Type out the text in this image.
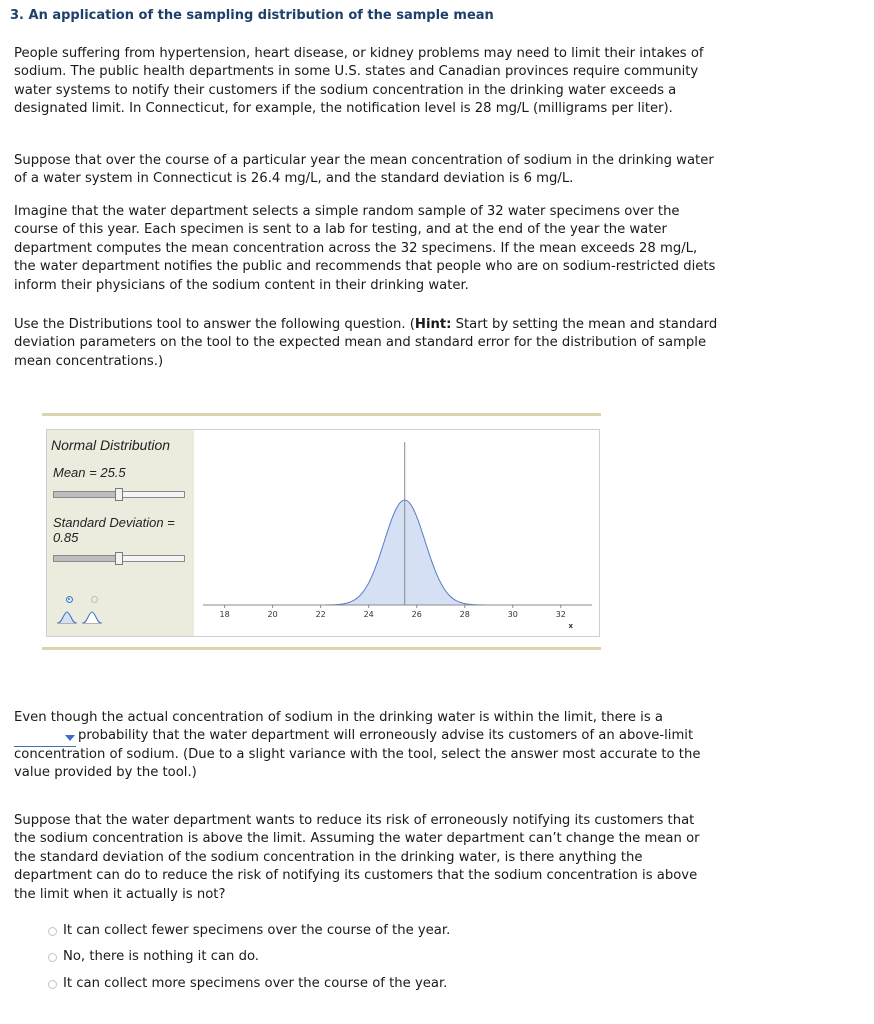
3. An application of the sampling distribution of the sample mean

People suffering from hypertension, heart disease, or kidney problems may need to limit their intakes of sodium. The public health departments in some U.S. states and Canadian provinces require community water systems to notify their customers if the sodium concentration in the drinking water exceeds a designated limit. In Connecticut, for example, the notification level is 28 mg/L (milligrams per liter).

Suppose that over the course of a particular year the mean concentration of sodium in the drinking water of a water system in Connecticut is 26.4 mg/L, and the standard deviation is 6 mg/L.

Imagine that the water department selects a simple random sample of 32 water specimens over the course of this year. Each specimen is sent to a lab for testing, and at the end of the year the water department computes the mean concentration across the 32 specimens. If the mean exceeds 28 mg/L, the water department notifies the public and recommends that people who are on sodium-restricted diets inform their physicians of the sodium content in their drinking water.

Use the Distributions tool to answer the following question. (Hint: Start by setting the mean and standard deviation parameters on the tool to the expected mean and standard error for the distribution of sample mean concentrations.)

Normal Distribution
Mean = 25.5
Standard Deviation = 0.85
18	20	22	24	26	28	30	32
x
Even though the actual concentration of sodium in the drinking water is within the limit, there is a
probability that the water department will erroneously advise its customers of an above-limit concentration of sodium. (Due to a slight variance with the tool, select the answer most accurate to the value provided by the tool.)

Suppose that the water department wants to reduce its risk of erroneously notifying its customers that the sodium concentration is above the limit. Assuming the water department can’t change the mean or the standard deviation of the sodium concentration in the drinking water, is there anything the department can do to reduce the risk of notifying its customers that the sodium concentration is above the limit when it actually is not?

It can collect fewer specimens over the course of the year.
No, there is nothing it can do.
It can collect more specimens over the course of the year.
